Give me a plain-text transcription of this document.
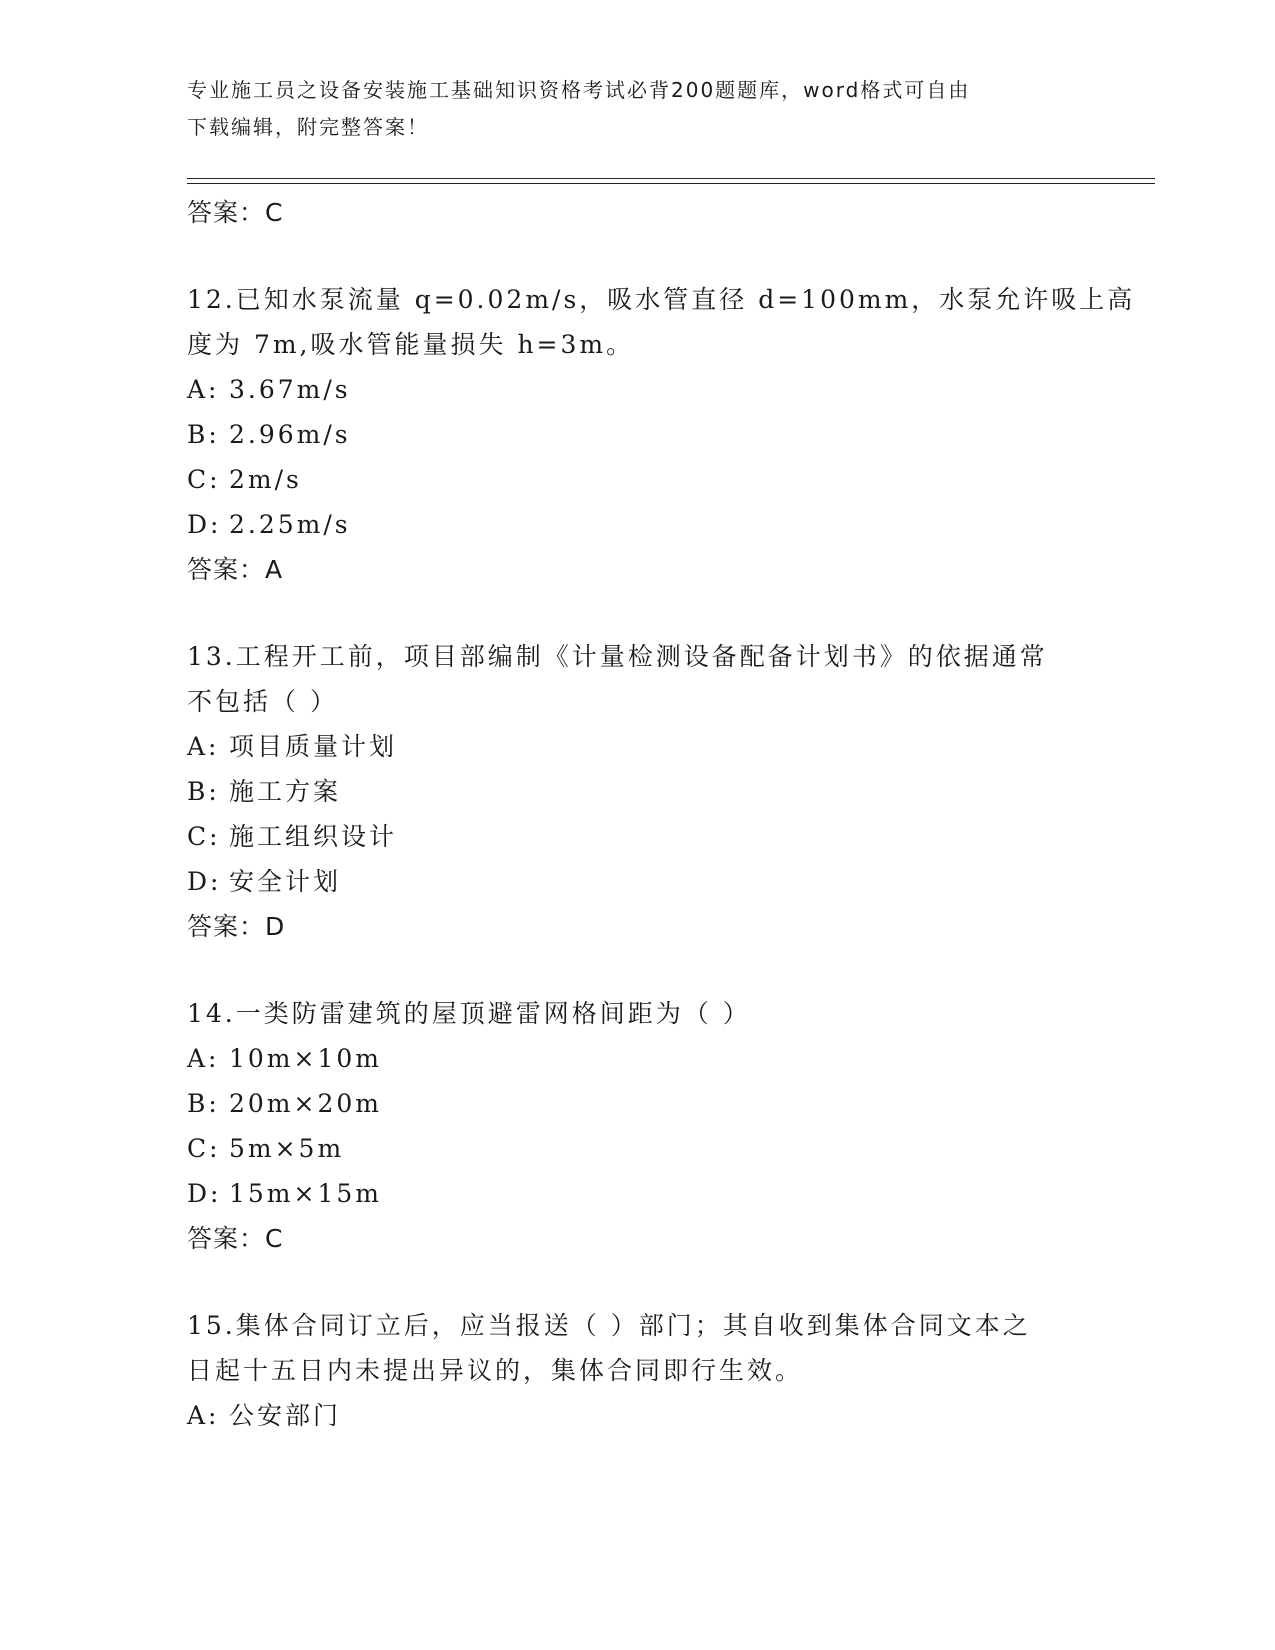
专业施工员之设备安装施工基础知识资格考试必背200题题库，word格式可自由
下载编辑，附完整答案！
答案：C
12.已知水泵流量 q=0.02m/s，吸水管直径 d=100mm，水泵允许吸上高
度为 7m,吸水管能量损失 h=3m。
A: 3.67m/s
B: 2.96m/s
C: 2m/s
D: 2.25m/s
答案：A
13.工程开工前，项目部编制《计量检测设备配备计划书》的依据通常
不包括（ ）
A: 项目质量计划
B: 施工方案
C: 施工组织设计
D: 安全计划
答案：D
14.一类防雷建筑的屋顶避雷网格间距为（ ）
A: 10m×10m
B: 20m×20m
C: 5m×5m
D: 15m×15m
答案：C
15.集体合同订立后，应当报送（ ）部门；其自收到集体合同文本之
日起十五日内未提出异议的，集体合同即行生效。
A: 公安部门
